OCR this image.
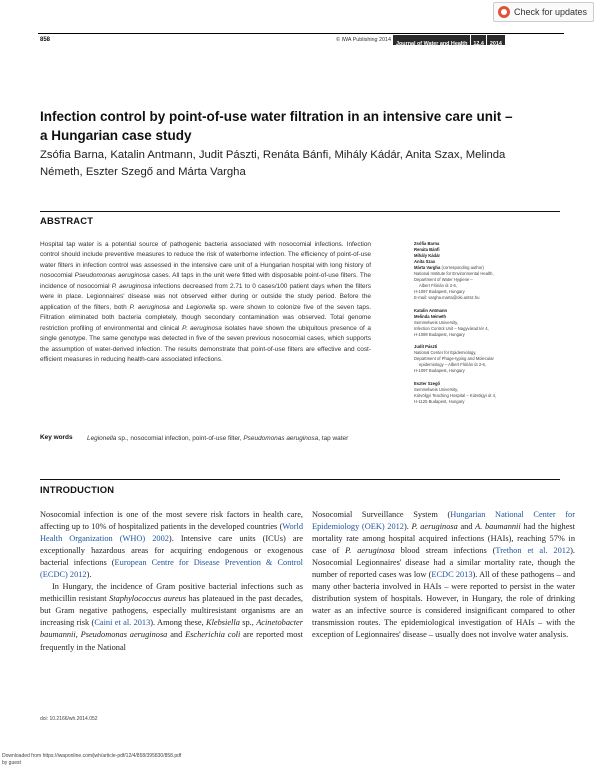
Check for updates
858	© IWA Publishing 2014
Journal of Water and Health 12.4 2014
Infection control by point-of-use water filtration in an intensive care unit – a Hungarian case study
Zsófia Barna, Katalin Antmann, Judit Pászti, Renáta Bánfi, Mihály Kádár, Anita Szax, Melinda Németh, Eszter Szegő and Márta Vargha
ABSTRACT
Hospital tap water is a potential source of pathogenic bacteria associated with nosocomial infections. Infection control should include preventive measures to reduce the risk of waterborne infection. The efficiency of point-of-use water filters in infection control was assessed in the intensive care unit of a Hungarian hospital with long history of nosocomial Pseudomonas aeruginosa cases. All taps in the unit were fitted with disposable point-of-use filters. The incidence of nosocomial P. aeruginosa infections decreased from 2.71 to 0 cases/100 patient days when the filters were in place. Legionnaires' disease was not observed either during or outside the study period. Before the application of the filters, both P. aeruginosa and Legionella sp. were shown to colonize five of the seven taps. Filtration eliminated both bacteria completely, though secondary contamination was observed. Total genome restriction profiling of environmental and clinical P. aeruginosa isolates have shown the ubiquitous presence of a single genotype. The same genotype was detected in five of the seven previous nosocomial cases, which supports the assumption of water-derived infection. The results demonstrate that point-of-use filters are effective and cost-efficient measures in reducing health-care associated infections.
Key words Legionella sp., nosocomial infection, point-of-use filter, Pseudomonas aeruginosa, tap water
Zsófia Barna
Renáta Bánfi
Mihály Kádár
Anita Szax
Márta Vargha (corresponding author)
National Institute for Environmental Health,
Department of Water Hygiene –
Albert Flórián út 2-6,
H-1097 Budapest, Hungary
E-mail: vargha.marta@oki.antsz.hu
Katalin Antmann
Melinda Németh
Semmelweis University,
Infection Control Unit – Nagyvárad tér 4,
H-1089 Budapest, Hungary
Judit Pászti
National Center for Epidemiology,
Department of Phage-typing and Molecular
epidemiology – Albert Flórián út 2-6,
H-1097 Budapest, Hungary
Eszter Szegő
Semmelweis University,
Kútvölgyi Teaching Hospital – Kútvölgyi út 4,
H-1125 Budapest, Hungary
INTRODUCTION

Nosocomial infection is one of the most severe risk factors in health care, affecting up to 10% of hospitalized patients in the developed countries (World Health Organization (WHO) 2002). Intensive care units (ICUs) are exceptionally hazardous areas for acquiring endogenous or exogenous bacterial infections (European Centre for Disease Prevention & Control (ECDC) 2012).

In Hungary, the incidence of Gram positive bacterial infections such as methicillin resistant Staphylococcus aureus has plateaued in the past decades, but Gram negative pathogens, especially multiresistant organisms are an increasing risk (Caini et al. 2013). Among these, Klebsiella sp., Acinetobacter baumannii, Pseudomonas aeruginosa and Escherichia coli are reported most frequently in the National

Nosocomial Surveillance System (Hungarian National Center for Epidemiology (OEK) 2012). P. aeruginosa and A. baumannii had the highest mortality rate among hospital acquired infections (HAIs), reaching 57% in case of P. aeruginosa blood stream infections (Trethon et al. 2012). Nosocomial Legionnaires' disease had a similar mortality rate, though the number of reported cases was low (ECDC 2013). All of these pathogens – and many other bacteria involved in HAIs – were reported to persist in the water distribution system of hospitals. However, in Hungary, the role of drinking water as an infective source is considered insignificant compared to other transmission routes. The epidemiological investigation of HAIs – with the exception of Legionnaires' disease – usually does not involve water analysis.

doi: 10.2166/wh.2014.052
Downloaded from https://iwaponline.com/jwh/article-pdf/12/4/858/395830/858.pdf
by guest
